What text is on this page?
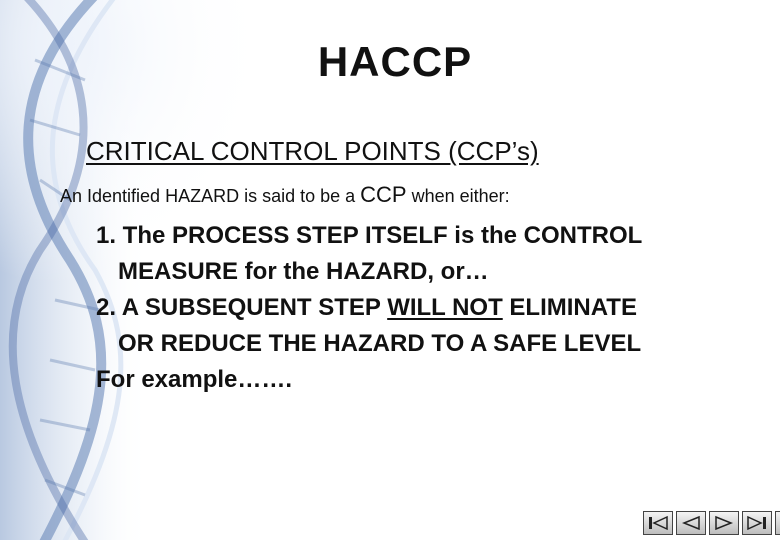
HACCP
CRITICAL CONTROL POINTS (CCP’s)
An Identified HAZARD is said to be a CCP when either:
1. The PROCESS STEP ITSELF is the CONTROL
MEASURE for the HAZARD, or…
2. A SUBSEQUENT STEP WILL NOT ELIMINATE
OR REDUCE THE HAZARD TO A SAFE LEVEL
For example…….
